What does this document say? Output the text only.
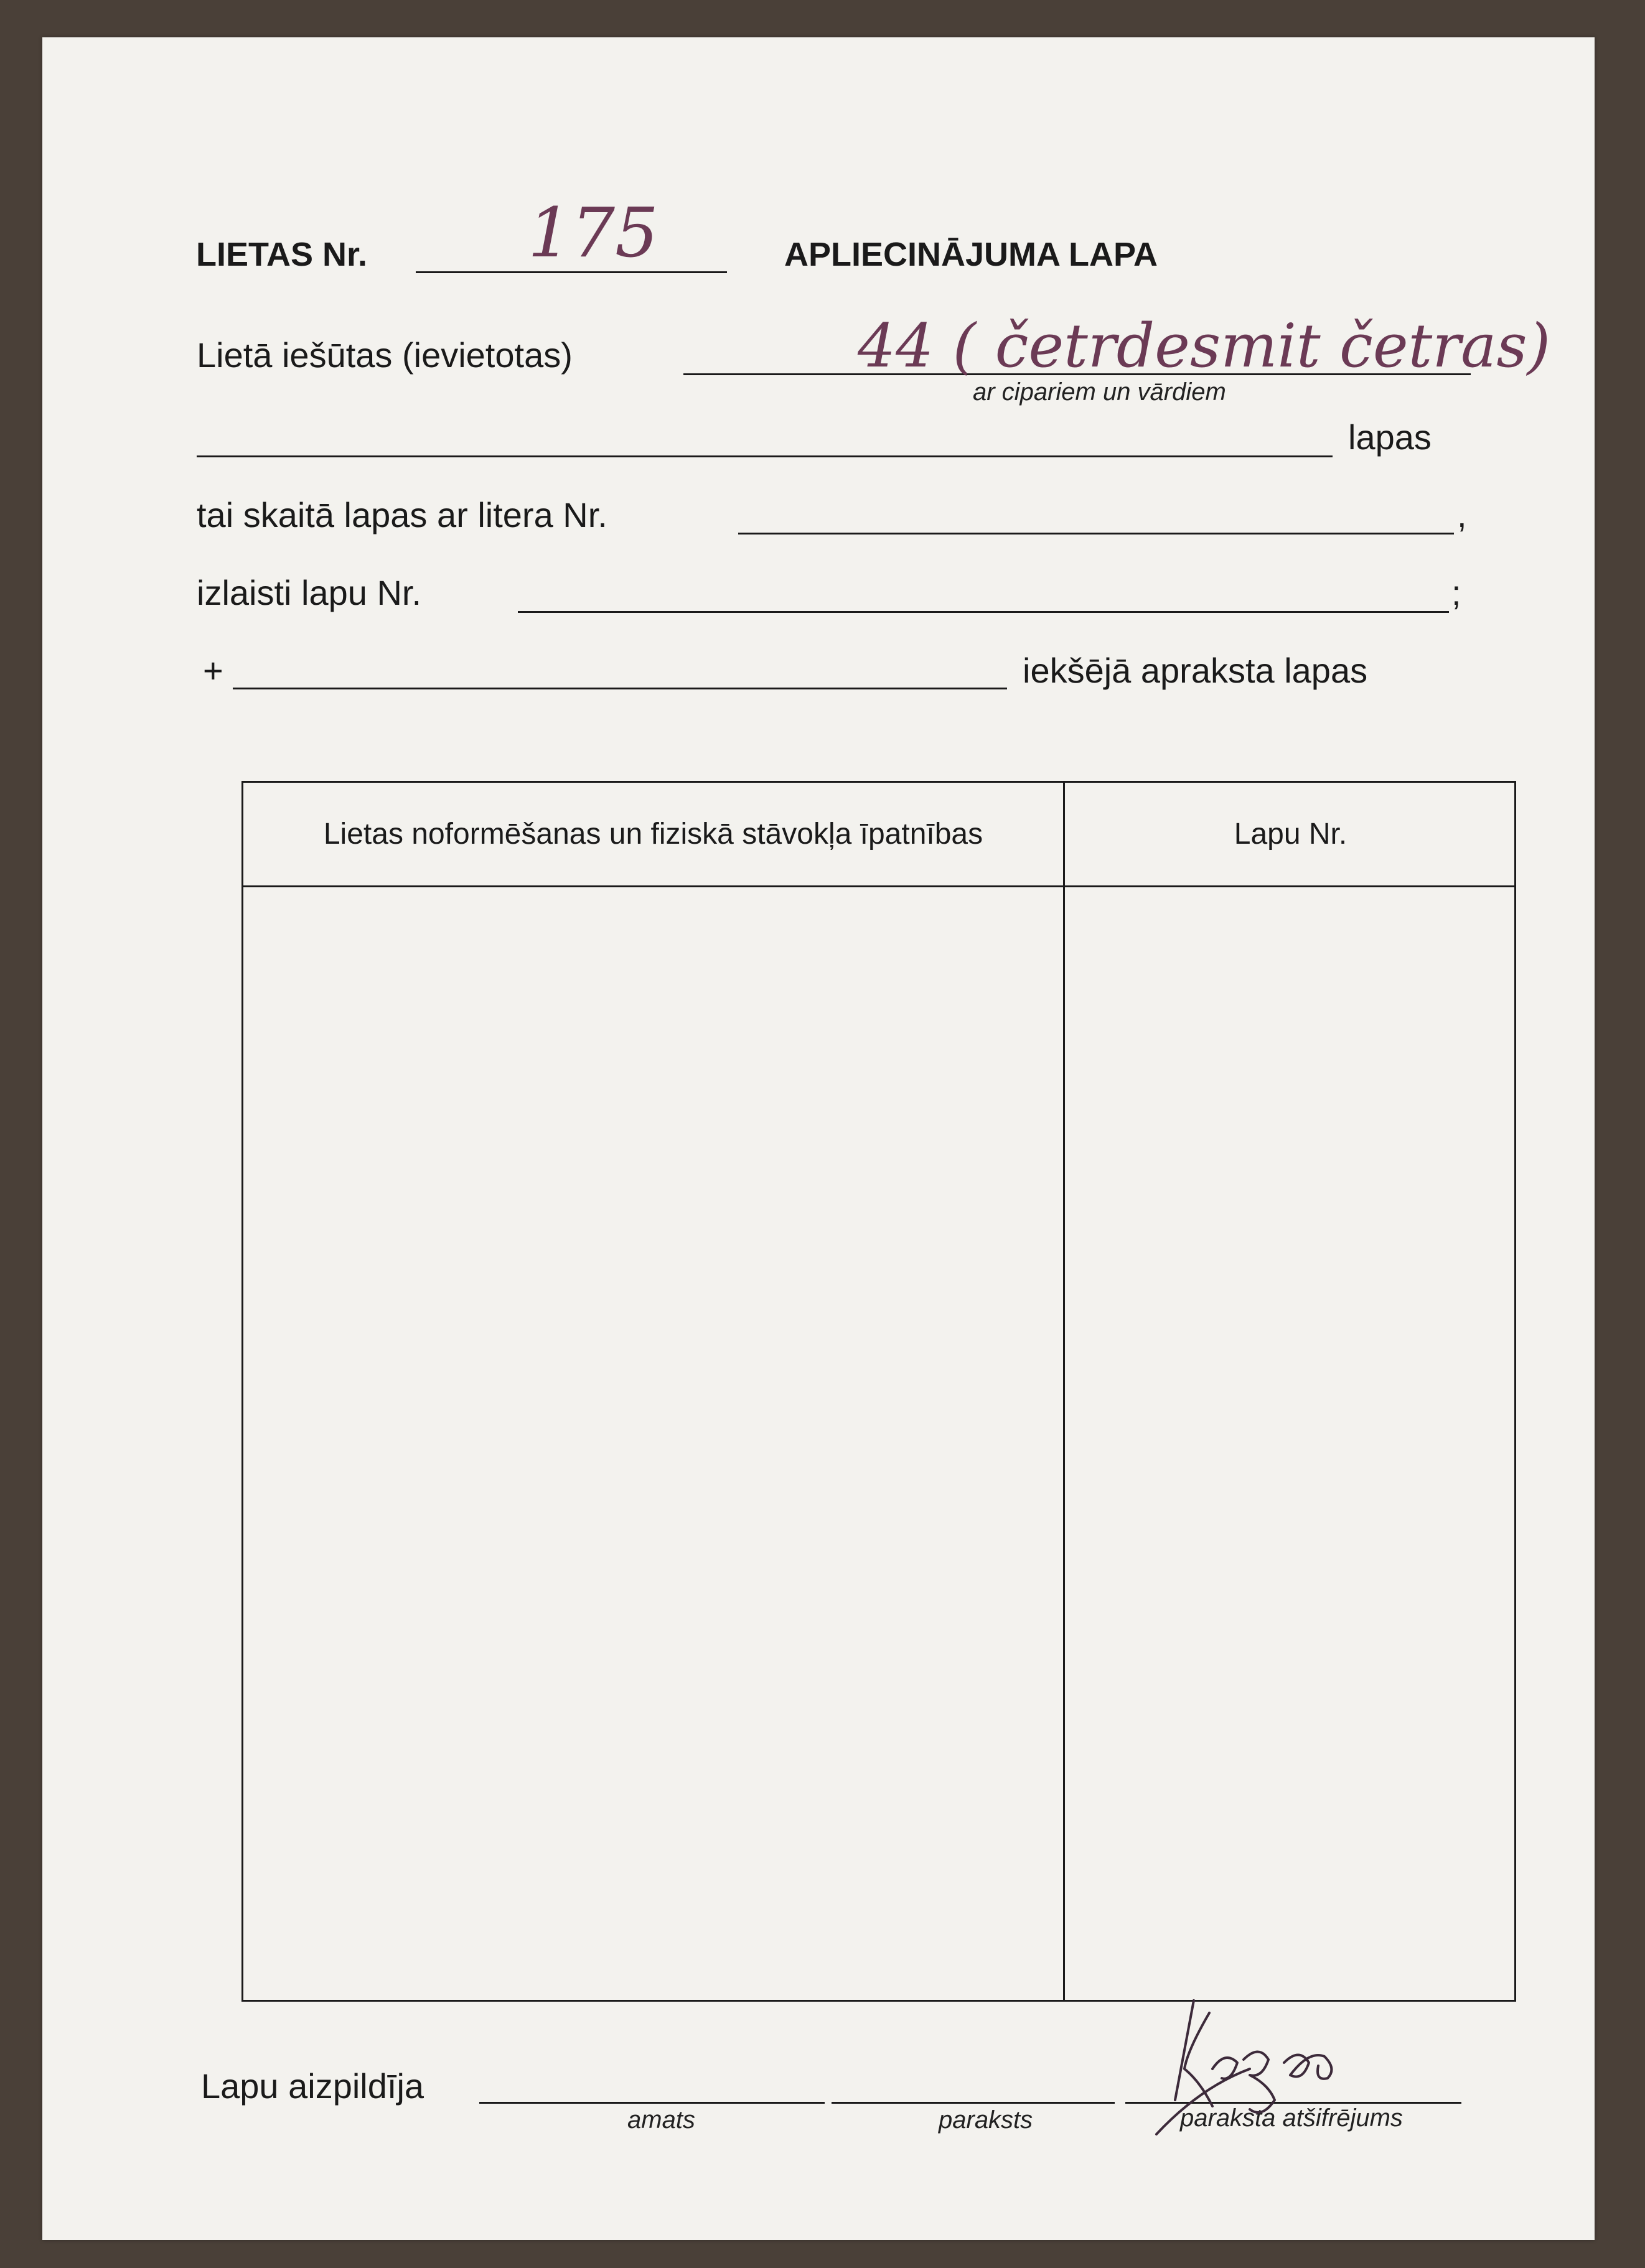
LIETAS Nr. 175	APLIECINĀJUMA LAPA
Lietā iešūtas (ievietotas)	44 ( četrdesmit četras)
ar cipariem un vārdiem
lapas
tai skaitā lapas ar litera Nr.	,
izlaisti lapu Nr.	;
+	iekšējā apraksta lapas
Lietas noformēšanas un fiziskā stāvokļa īpatnības	Lapu Nr.
Lapu aizpildīja
amats	paraksts	paraksta atšifrējums
